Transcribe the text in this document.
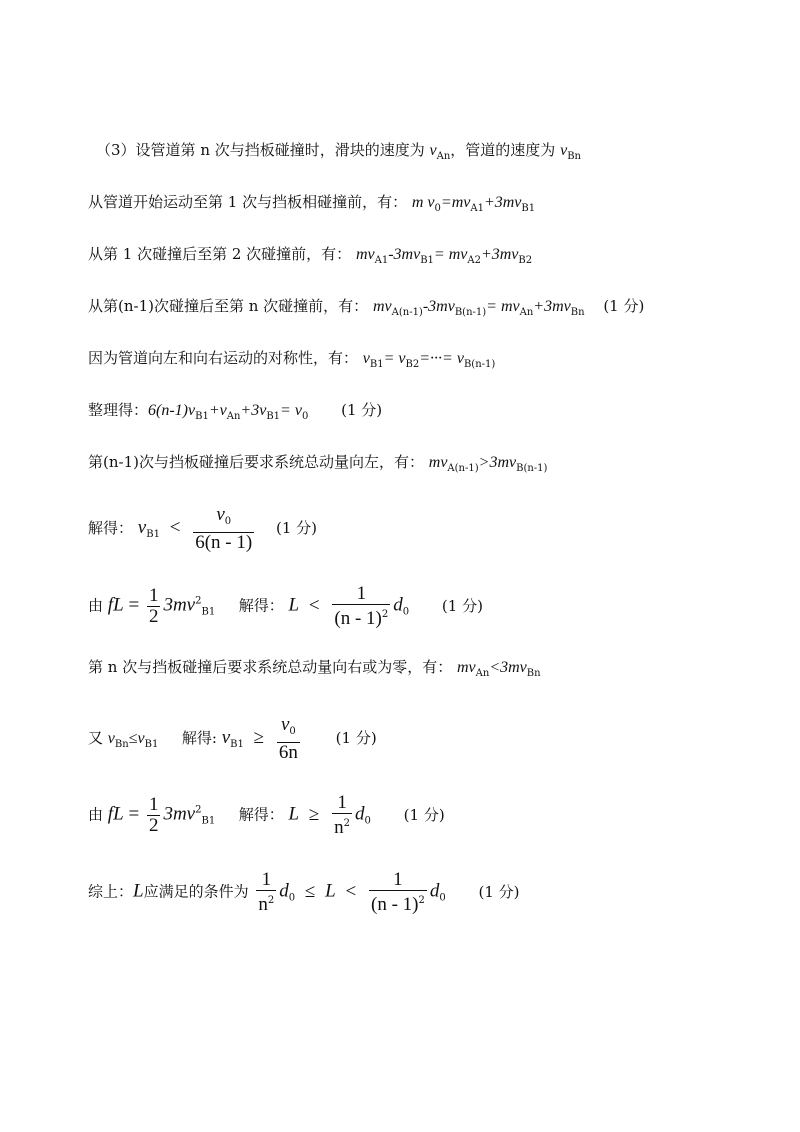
（3）设管道第 n 次与挡板碰撞时，滑块的速度为 $v_{An}$，管道的速度为 $v_{Bn}$
从管道开始运动至第 1 次与挡板相碰撞前，有： m $v_0=mv_{A1}+3mv_{B1}$
从第 1 次碰撞后至第 2 次碰撞前，有： $mv_{A1}-3mv_{B1}= mv_{A2}+3mv_{B2}$
从第(n-1)次碰撞后至第 n 次碰撞前，有： $mv_{A(n-1)}-3mv_{B(n-1)}= mv_{An}+3mv_{Bn}$ (1 分)
因为管道向左和向右运动的对称性，有： $v_{B1}= v_{B2}=\cdot\cdot\cdot= v_{B(n-1)}$
整理得：$6(n-1)v_{B1}+v_{An}+3v_{B1}= v_0$ (1 分)
第(n-1)次与挡板碰撞后要求系统总动量向左，有： $mv_{A(n-1)}>3mv_{B(n-1)}$
解得： $v_{B1} < \frac{v_0}{6(n - 1)} (1$ 分)
由 fL = $\frac{1}{2} 3mv^2_{B1}$ 解得： $L < \frac{1}{(n - 1)^2} d_0$ (1 分)
第 n 次与挡板碰撞后要求系统总动量向右或为零，有： $mv_{An}<3mv_{Bn}$
又 $v_{Bn}\le v_{B1}$ 解得: $v_{B1} \ge \frac{v_0}{6n} (1$ 分)
由 fL = $\frac{1}{2} 3mv^2_{B1}$ 解得： $L \ge \frac{1}{n^2} d_0$ (1 分)
综上：L应满足的条件为 $\frac{1}{n^2} d_0 \le L < \frac{1}{(n - 1)^2} d_0$ (1 分)
